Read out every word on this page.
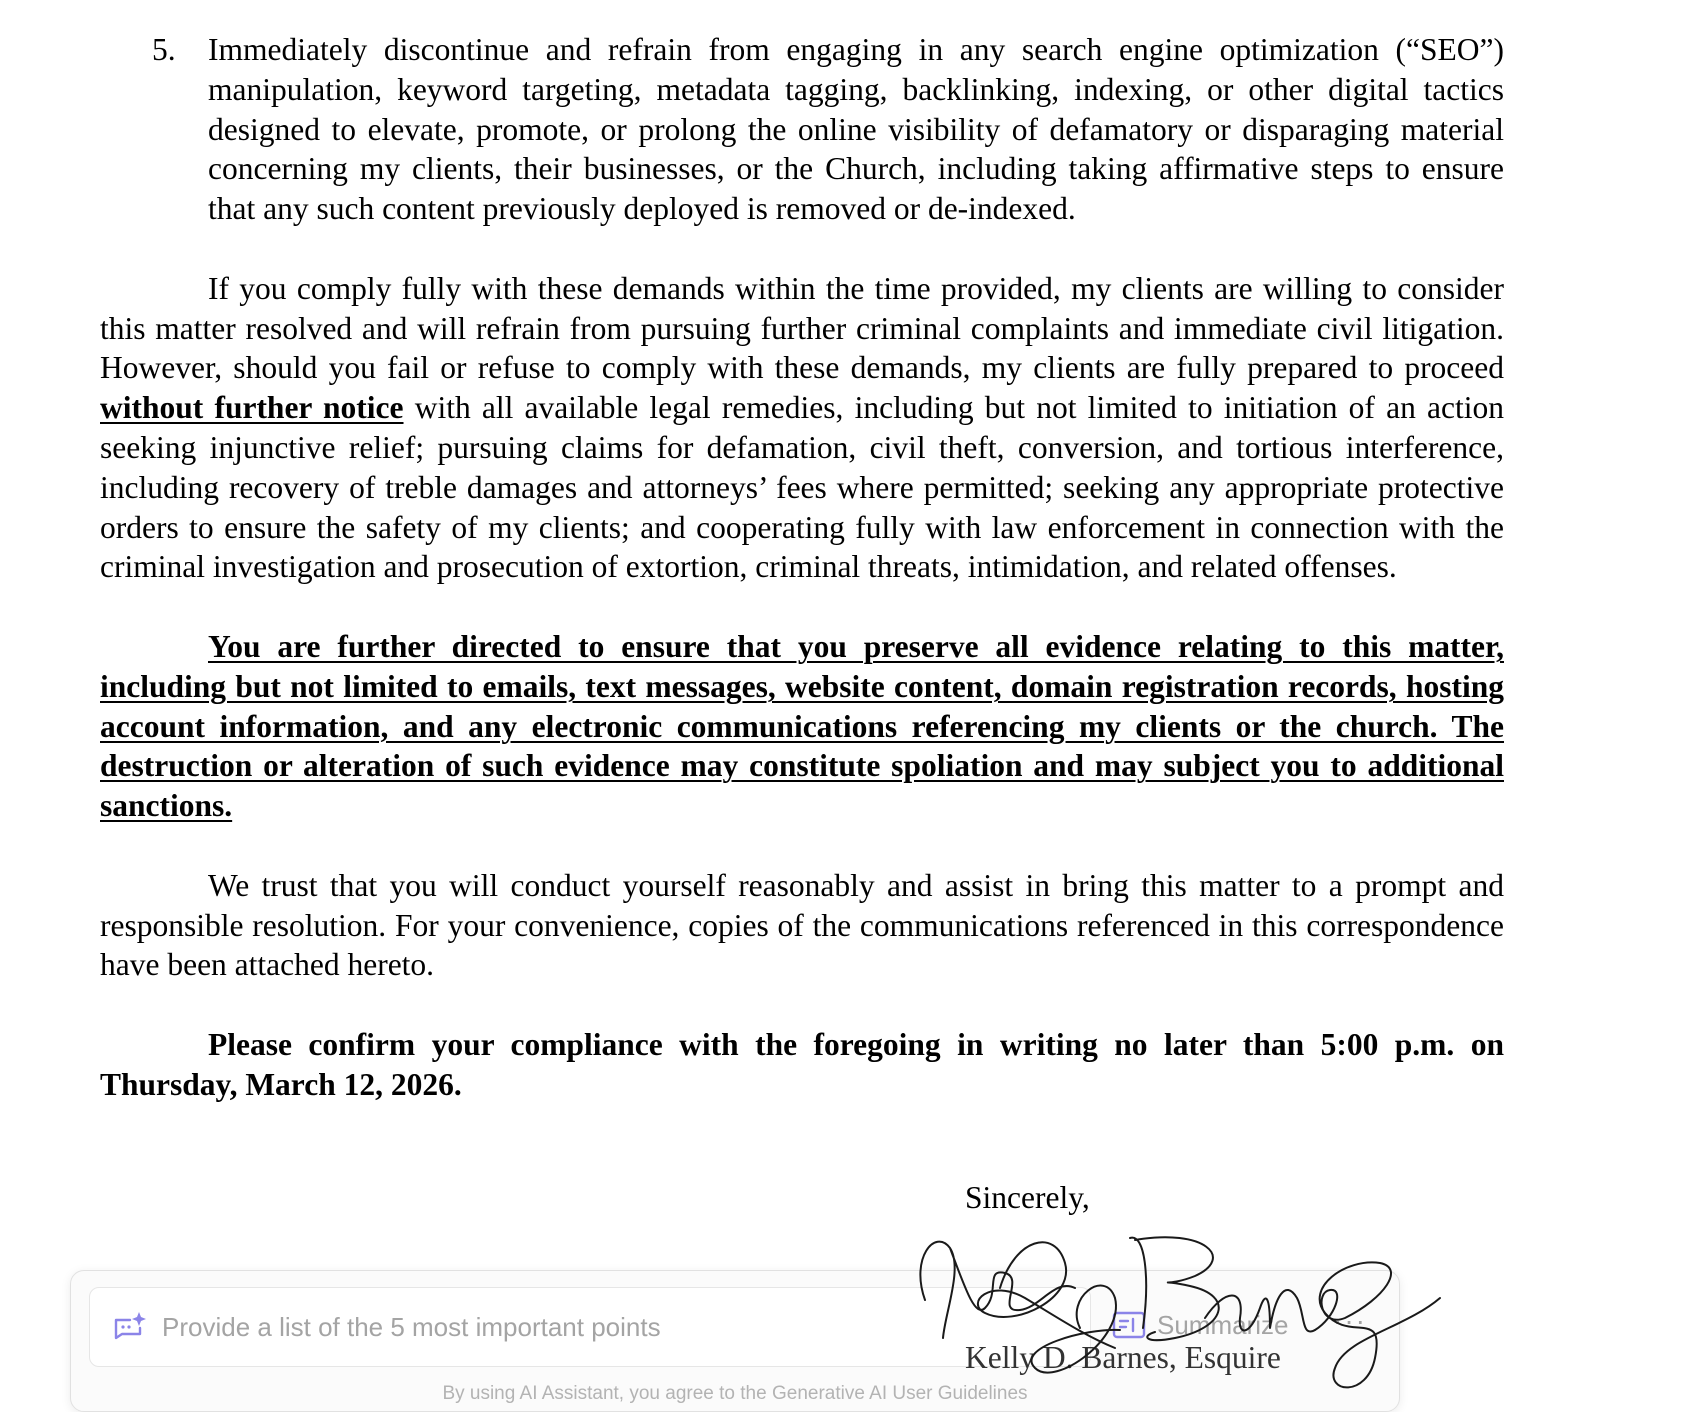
5. Immediately discontinue and refrain from engaging in any search engine optimization (“SEO”) manipulation, keyword targeting, metadata tagging, backlinking, indexing, or other digital tactics designed to elevate, promote, or prolong the online visibility of defamatory or disparaging material concerning my clients, their businesses, or the Church, including taking affirmative steps to ensure that any such content previously deployed is removed or de-indexed.
If you comply fully with these demands within the time provided, my clients are willing to consider this matter resolved and will refrain from pursuing further criminal complaints and immediate civil litigation. However, should you fail or refuse to comply with these demands, my clients are fully prepared to proceed without further notice with all available legal remedies, including but not limited to initiation of an action seeking injunctive relief; pursuing claims for defamation, civil theft, conversion, and tortious interference, including recovery of treble damages and attorneys’ fees where permitted; seeking any appropriate protective orders to ensure the safety of my clients; and cooperating fully with law enforcement in connection with the criminal investigation and prosecution of extortion, criminal threats, intimidation, and related offenses.
You are further directed to ensure that you preserve all evidence relating to this matter, including but not limited to emails, text messages, website content, domain registration records, hosting account information, and any electronic communications referencing my clients or the church. The destruction or alteration of such evidence may constitute spoliation and may subject you to additional sanctions.
We trust that you will conduct yourself reasonably and assist in bring this matter to a prompt and responsible resolution. For your convenience, copies of the communications referenced in this correspondence have been attached hereto.
Please confirm your compliance with the foregoing in writing no later than 5:00 p.m. on Thursday, March 12, 2026.
Sincerely,
Kelly D. Barnes, Esquire
Provide a list of the 5 most important points	Summarize ···
By using AI Assistant, you agree to the Generative AI User Guidelines
